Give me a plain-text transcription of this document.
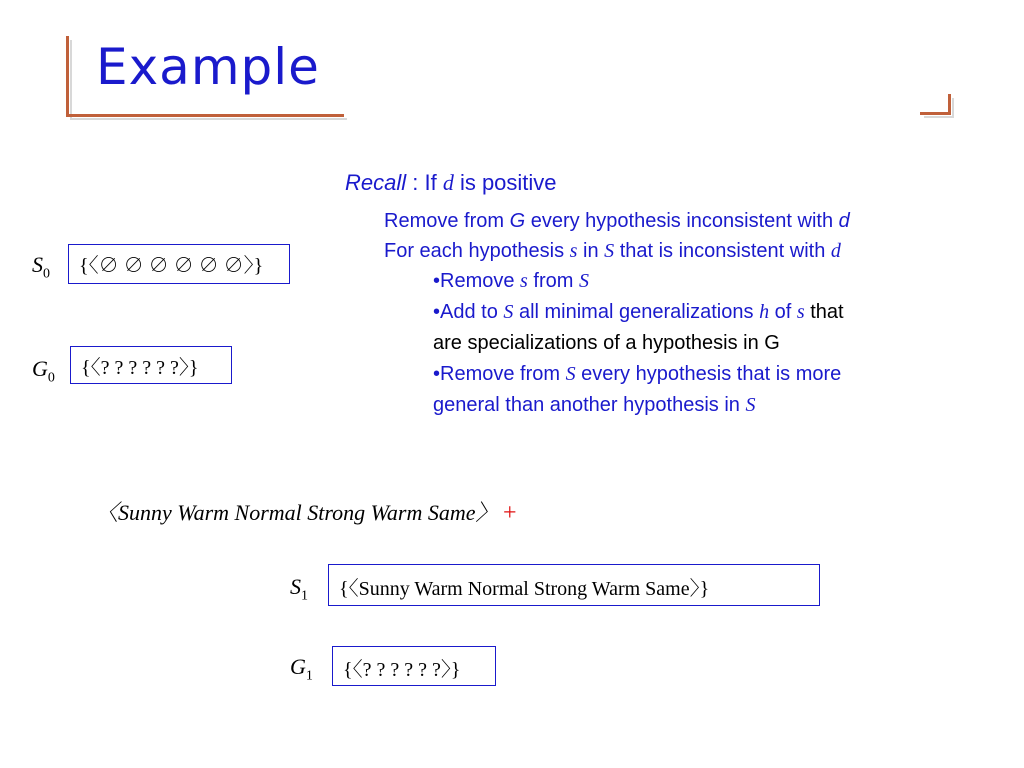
Example
$S_0$	{〈∅ ∅ ∅ ∅ ∅ ∅〉}
$G_0$	{〈? ? ? ? ? ?〉}
Recall : If d is positive
Remove from G every hypothesis inconsistent with d
For each hypothesis s in S that is inconsistent with d
•Remove s from S
•Add to S all minimal generalizations h of s that
are specializations of a hypothesis in G
•Remove from S every hypothesis that is more
general than another hypothesis in S
〈Sunny Warm Normal Strong Warm Same〉 +
$S_1$	{〈Sunny Warm Normal Strong Warm Same〉}
$G_1$	{〈? ? ? ? ? ?〉}
